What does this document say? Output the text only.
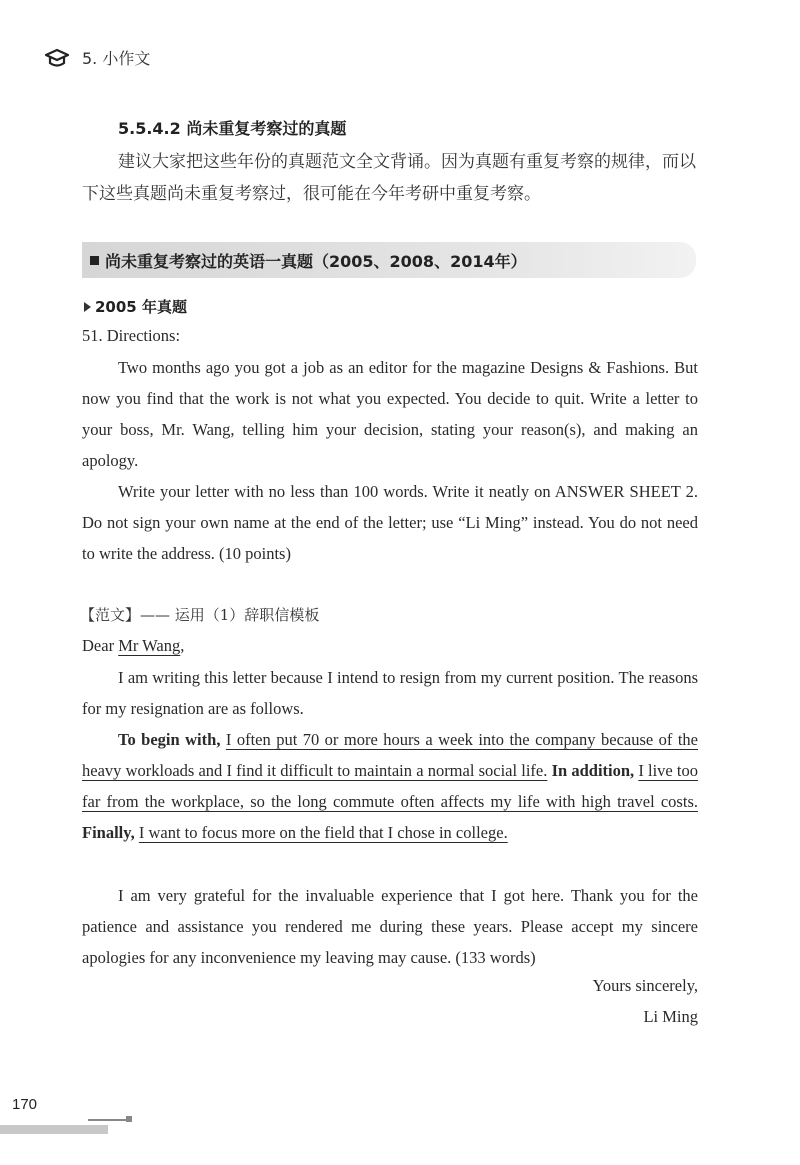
5. 小作文
5.5.4.2 尚未重复考察过的真题

建议大家把这些年份的真题范文全文背诵。因为真题有重复考察的规律，而以下这些真题尚未重复考察过，很可能在今年考研中重复考察。

尚未重复考察过的英语一真题（2005、2008、2014年）
2005 年真题

51. Directions:

Two months ago you got a job as an editor for the magazine Designs & Fashions. But now you find that the work is not what you expected. You decide to quit. Write a letter to your boss, Mr. Wang, telling him your decision, stating your reason(s), and making an apology.

Write your letter with no less than 100 words. Write it neatly on ANSWER SHEET 2. Do not sign your own name at the end of the letter; use “Li Ming” instead. You do not need to write the address. (10 points)

【范文】—— 运用（1）辞职信模板

Dear Mr Wang,

I am writing this letter because I intend to resign from my current position. The reasons for my resignation are as follows.

To begin with, I often put 70 or more hours a week into the company because of the heavy workloads and I find it difficult to maintain a normal social life. In addition, I live too far from the workplace, so the long commute often affects my life with high travel costs. Finally, I want to focus more on the field that I chose in college.

I am very grateful for the invaluable experience that I got here. Thank you for the patience and assistance you rendered me during these years. Please accept my sincere apologies for any inconvenience my leaving may cause. (133 words)

Yours sincerely,
Li Ming
170
